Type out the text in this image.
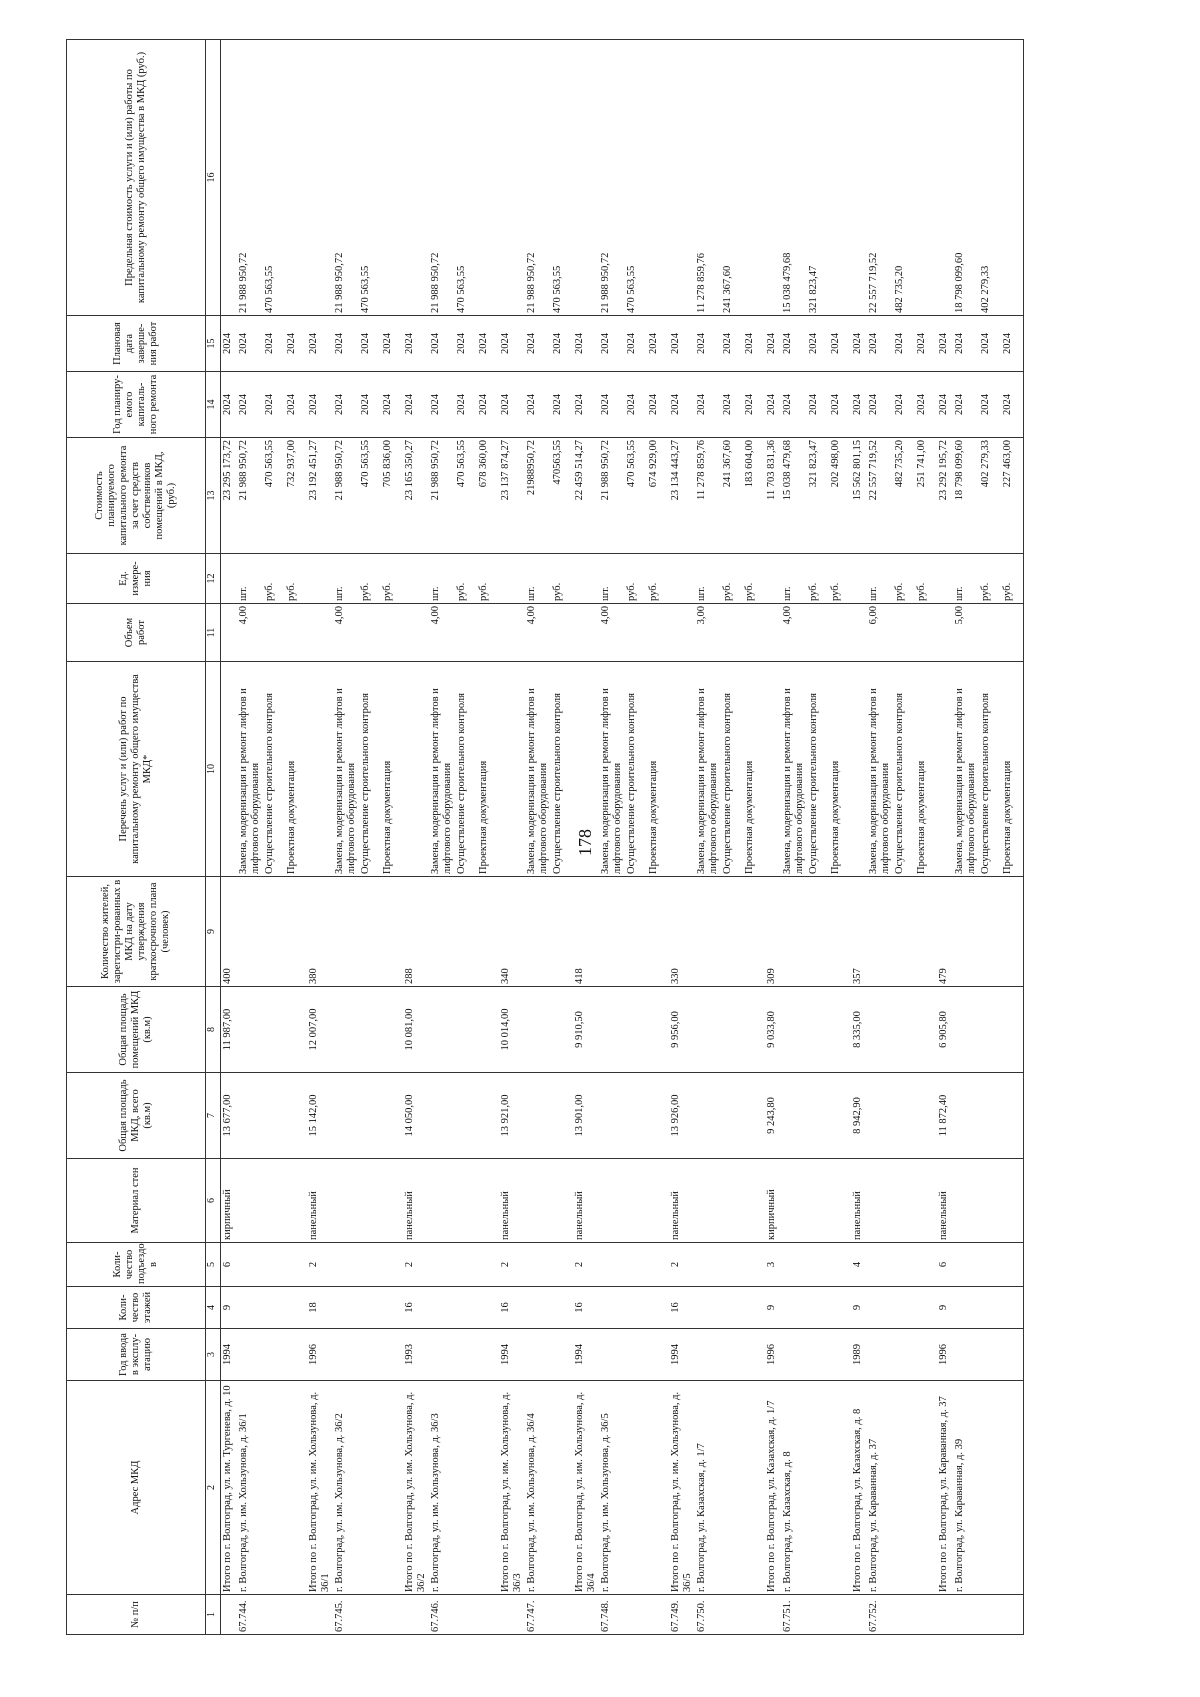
178
№ п/п	Адрес МКД	Год ввода в эксплу-атацию	Коли-чество этажей	Коли-чество подъездо в	Материал стен	Общая площадь МКД, всего (кв.м)	Общая площадь помещений МКД (кв.м)	Количество жителей, зарегистри-рованных в МКД на дату утверждения краткосрочного плана (человек)	Перечень услуг и (или) работ по капитальному ремонту общего имущества МКД*	Объем работ	Ед. измере-ния	Стоимость планируемого капитального ремонта за счет средств собственников помещений в МКД, (руб.)	Год планиру-емого капиталь-ного ремонта	Плановая дата заверше-ния работ	Предельная стоимость услуги и (или) работы по капитальному ремонту общего имущества в МКД (руб.)
1	2	3	4	5	6	7	8	9	10	11	12	13	14	15	16
	Итого по г. Волгоград, ул. им. Тургенева, д. 10	1994	9	6	кирпичный	13 677,00	11 987,00	400				23 295 173,72	2024	2024	
67.744.	г. Волгоград, ул. им. Хользунова, д. 36/1								Замена, модернизация и ремонт лифтов и лифтового оборудования	4,00	шт.	21 988 950,72	2024	2024	21 988 950,72
									Осуществление строительного контроля		руб.	470 563,55	2024	2024	470 563,55
									Проектная документация		руб.	732 937,00	2024	2024	
	Итого по г. Волгоград, ул. им. Хользунова, д. 36/1	1996	18	2	панельный	15 142,00	12 007,00	380				23 192 451,27	2024	2024	
67.745.	г. Волгоград, ул. им. Хользунова, д. 36/2								Замена, модернизация и ремонт лифтов и лифтового оборудования	4,00	шт.	21 988 950,72	2024	2024	21 988 950,72
									Осуществление строительного контроля		руб.	470 563,55	2024	2024	470 563,55
									Проектная документация		руб.	705 836,00	2024	2024	
	Итого по г. Волгоград, ул. им. Хользунова, д. 36/2	1993	16	2	панельный	14 050,00	10 081,00	288				23 165 350,27	2024	2024	
67.746.	г. Волгоград, ул. им. Хользунова, д. 36/3								Замена, модернизация и ремонт лифтов и лифтового оборудования	4,00	шт.	21 988 950,72	2024	2024	21 988 950,72
									Осуществление строительного контроля		руб.	470 563,55	2024	2024	470 563,55
									Проектная документация		руб.	678 360,00	2024	2024	
	Итого по г. Волгоград, ул. им. Хользунова, д. 36/3	1994	16	2	панельный	13 921,00	10 014,00	340				23 137 874,27	2024	2024	
67.747.	г. Волгоград, ул. им. Хользунова, д. 36/4								Замена, модернизация и ремонт лифтов и лифтового оборудования	4,00	шт.	21988950,72	2024	2024	21 988 950,72
									Осуществление строительного контроля		руб.	470563,55	2024	2024	470 563,55
	Итого по г. Волгоград, ул. им. Хользунова, д. 36/4	1994	16	2	панельный	13 901,00	9 910,50	418				22 459 514,27	2024	2024	
67.748.	г. Волгоград, ул. им. Хользунова, д. 36/5								Замена, модернизация и ремонт лифтов и лифтового оборудования	4,00	шт.	21 988 950,72	2024	2024	21 988 950,72
									Осуществление строительного контроля		руб.	470 563,55	2024	2024	470 563,55
									Проектная документация		руб.	674 929,00	2024	2024	
67.749.	Итого по г. Волгоград, ул. им. Хользунова, д. 36/5	1994	16	2	панельный	13 926,00	9 956,00	330				23 134 443,27	2024	2024	
67.750.	г. Волгоград, ул. Казахская, д. 1/7								Замена, модернизация и ремонт лифтов и лифтового оборудования	3,00	шт.	11 278 859,76	2024	2024	11 278 859,76
									Осуществление строительного контроля		руб.	241 367,60	2024	2024	241 367,60
									Проектная документация		руб.	183 604,00	2024	2024	
	Итого по г. Волгоград, ул. Казахская, д. 1/7	1996	9	3	кирпичный	9 243,80	9 033,80	309				11 703 831,36	2024	2024	
67.751.	г. Волгоград, ул. Казахская, д. 8								Замена, модернизация и ремонт лифтов и лифтового оборудования	4,00	шт.	15 038 479,68	2024	2024	15 038 479,68
									Осуществление строительного контроля		руб.	321 823,47	2024	2024	321 823,47
									Проектная документация		руб.	202 498,00	2024	2024	
	Итого по г. Волгоград, ул. Казахская, д. 8	1989	9	4	панельный	8 942,90	8 335,00	357				15 562 801,15	2024	2024	
67.752.	г. Волгоград, ул. Караванная, д. 37								Замена, модернизация и ремонт лифтов и лифтового оборудования	6,00	шт.	22 557 719,52	2024	2024	22 557 719,52
									Осуществление строительного контроля		руб.	482 735,20	2024	2024	482 735,20
									Проектная документация		руб.	251 741,00	2024	2024	
	Итого по г. Волгоград, ул. Караванная, д. 37	1996	9	6	панельный	11 872,40	6 905,80	479				23 292 195,72	2024	2024	
	г. Волгоград, ул. Караванная, д. 39								Замена, модернизация и ремонт лифтов и лифтового оборудования	5,00	шт.	18 798 099,60	2024	2024	18 798 099,60
									Осуществление строительного контроля		руб.	402 279,33	2024	2024	402 279,33
									Проектная документация		руб.	227 463,00	2024	2024	
